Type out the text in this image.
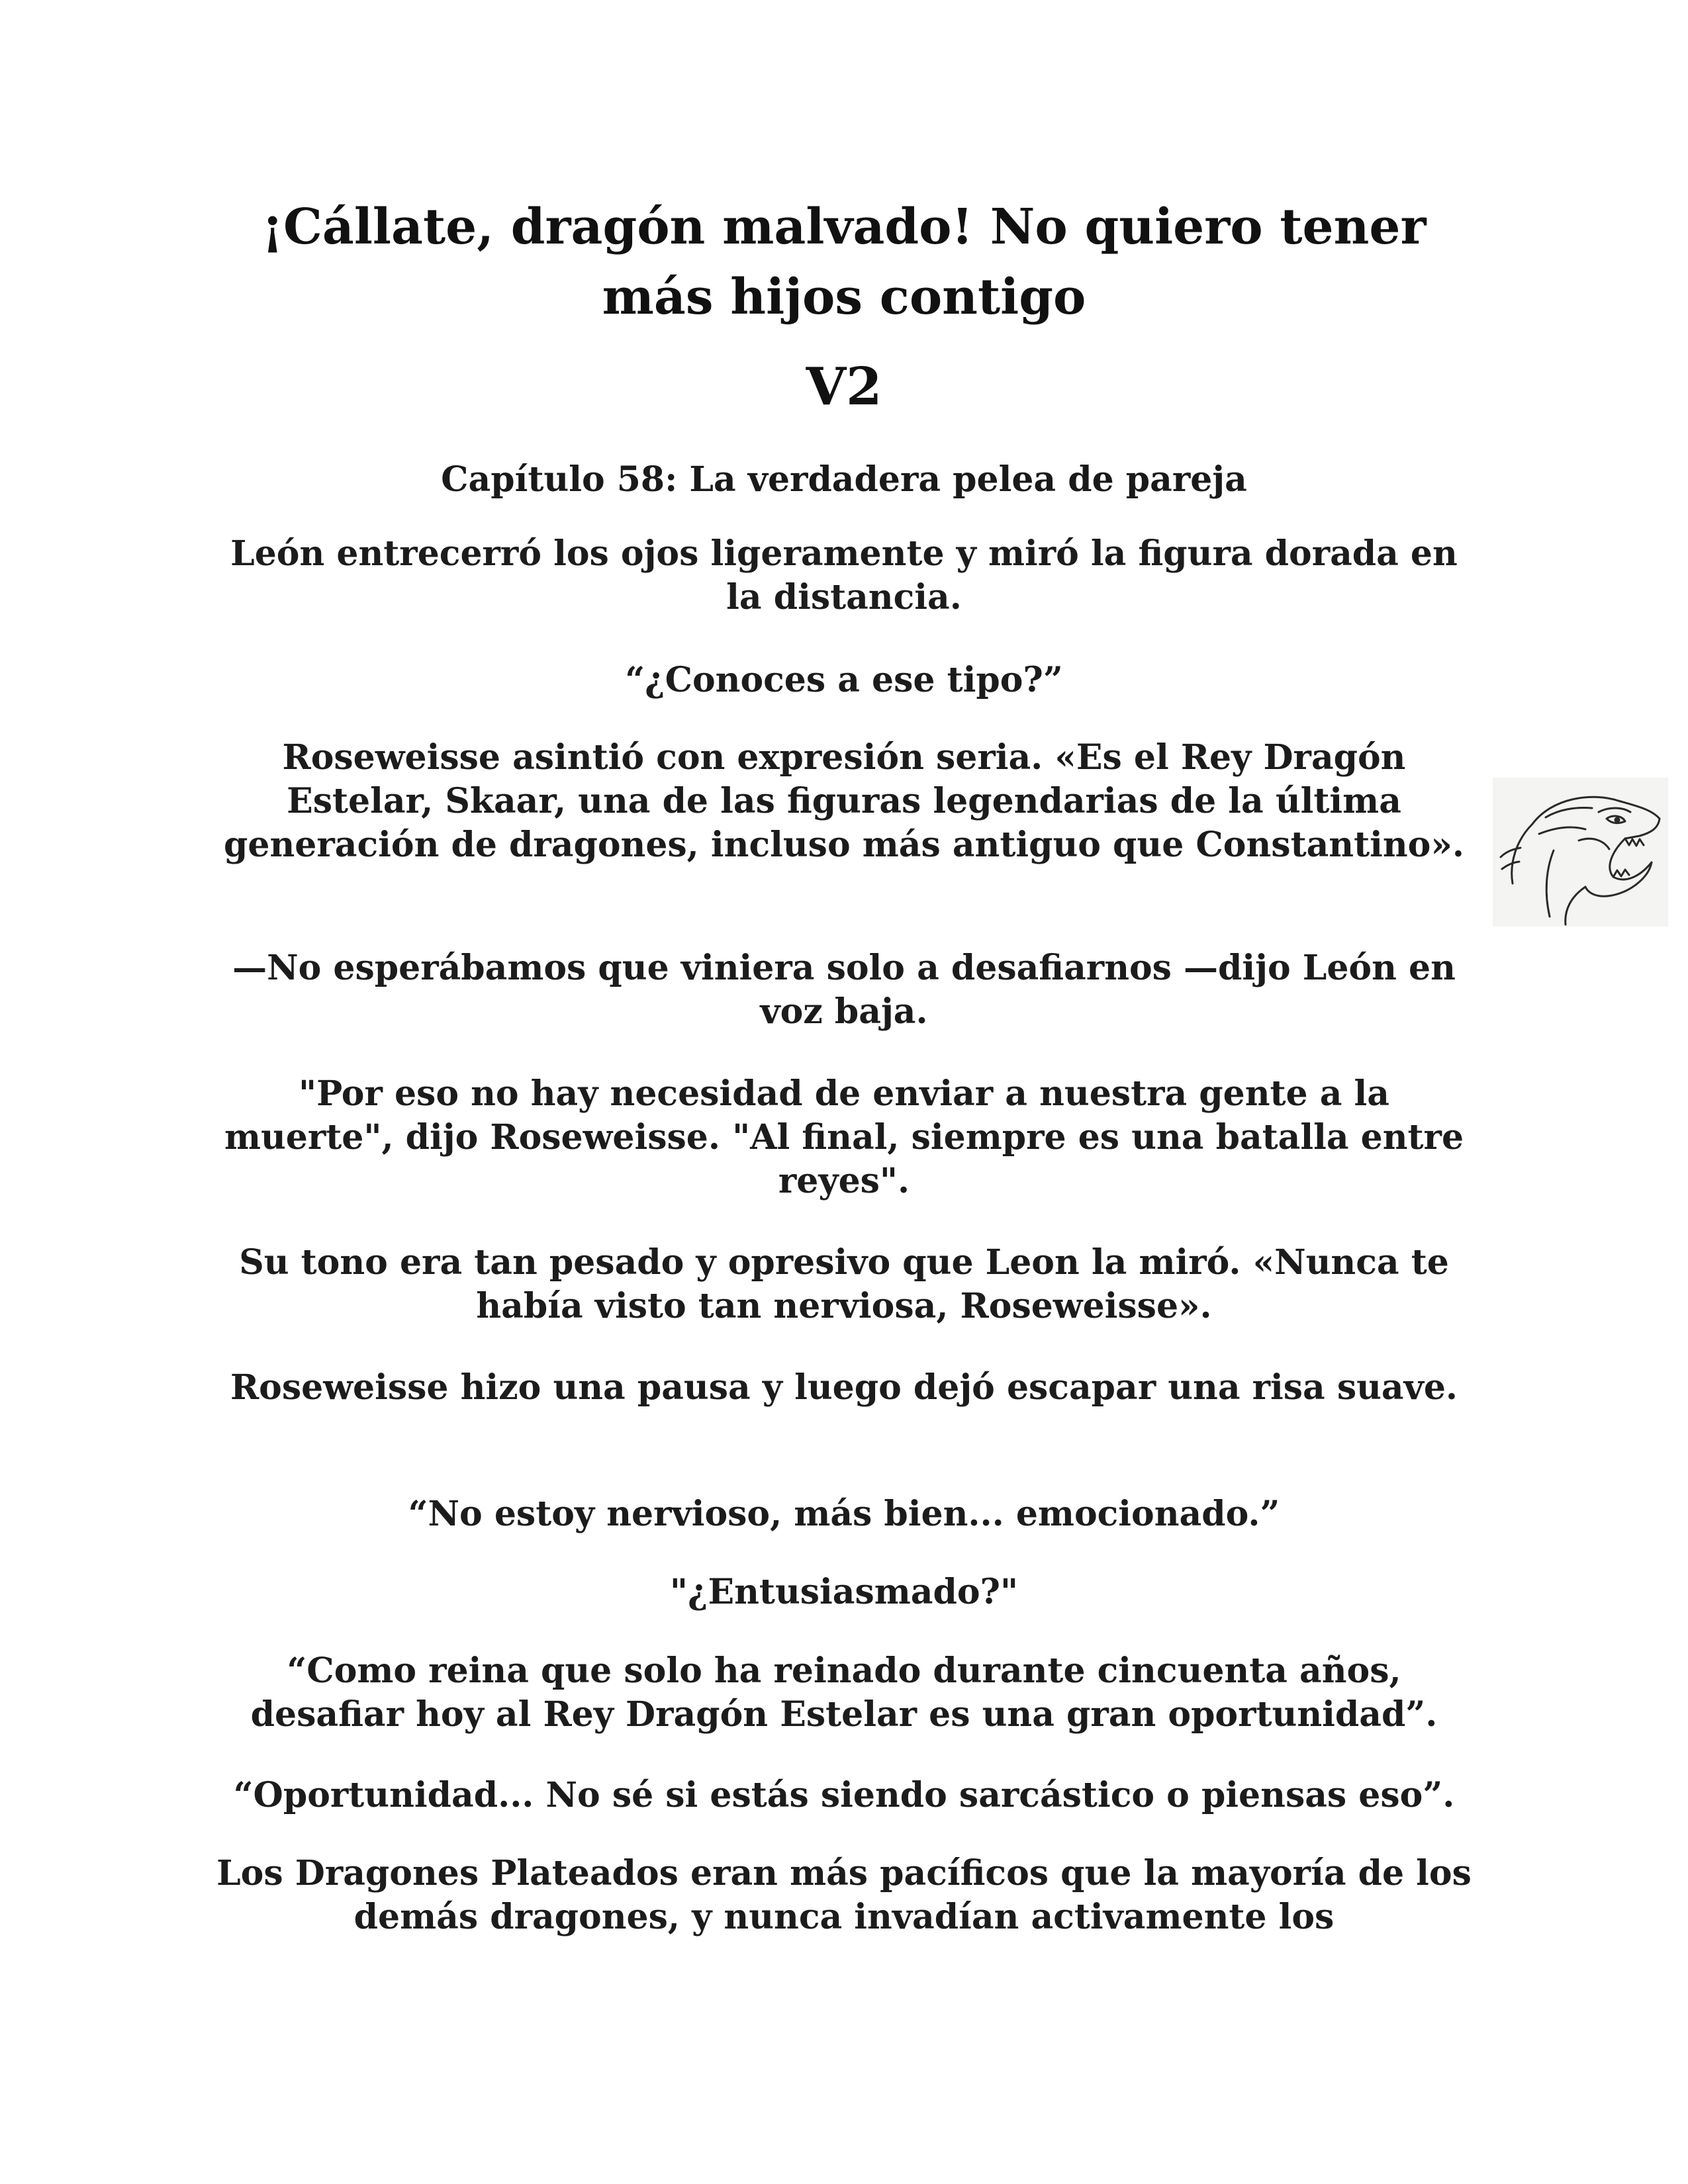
¡Cállate, dragón malvado! No quiero tener más hijos contigo
V2
Capítulo 58: La verdadera pelea de pareja

León entrecerró los ojos ligeramente y miró la figura dorada en la distancia.

“¿Conoces a ese tipo?”

Roseweisse asintió con expresión seria. «Es el Rey Dragón Estelar, Skaar, una de las figuras legendarias de la última generación de dragones, incluso más antiguo que Constantino».

—No esperábamos que viniera solo a desafiarnos —dijo León en voz baja.

"Por eso no hay necesidad de enviar a nuestra gente a la muerte", dijo Roseweisse. "Al final, siempre es una batalla entre reyes".

Su tono era tan pesado y opresivo que Leon la miró. «Nunca te había visto tan nerviosa, Roseweisse».

Roseweisse hizo una pausa y luego dejó escapar una risa suave.

“No estoy nervioso, más bien... emocionado.”

"¿Entusiasmado?"

“Como reina que solo ha reinado durante cincuenta años, desafiar hoy al Rey Dragón Estelar es una gran oportunidad”.

“Oportunidad... No sé si estás siendo sarcástico o piensas eso”.

Los Dragones Plateados eran más pacíficos que la mayoría de los demás dragones, y nunca invadían activamente los
